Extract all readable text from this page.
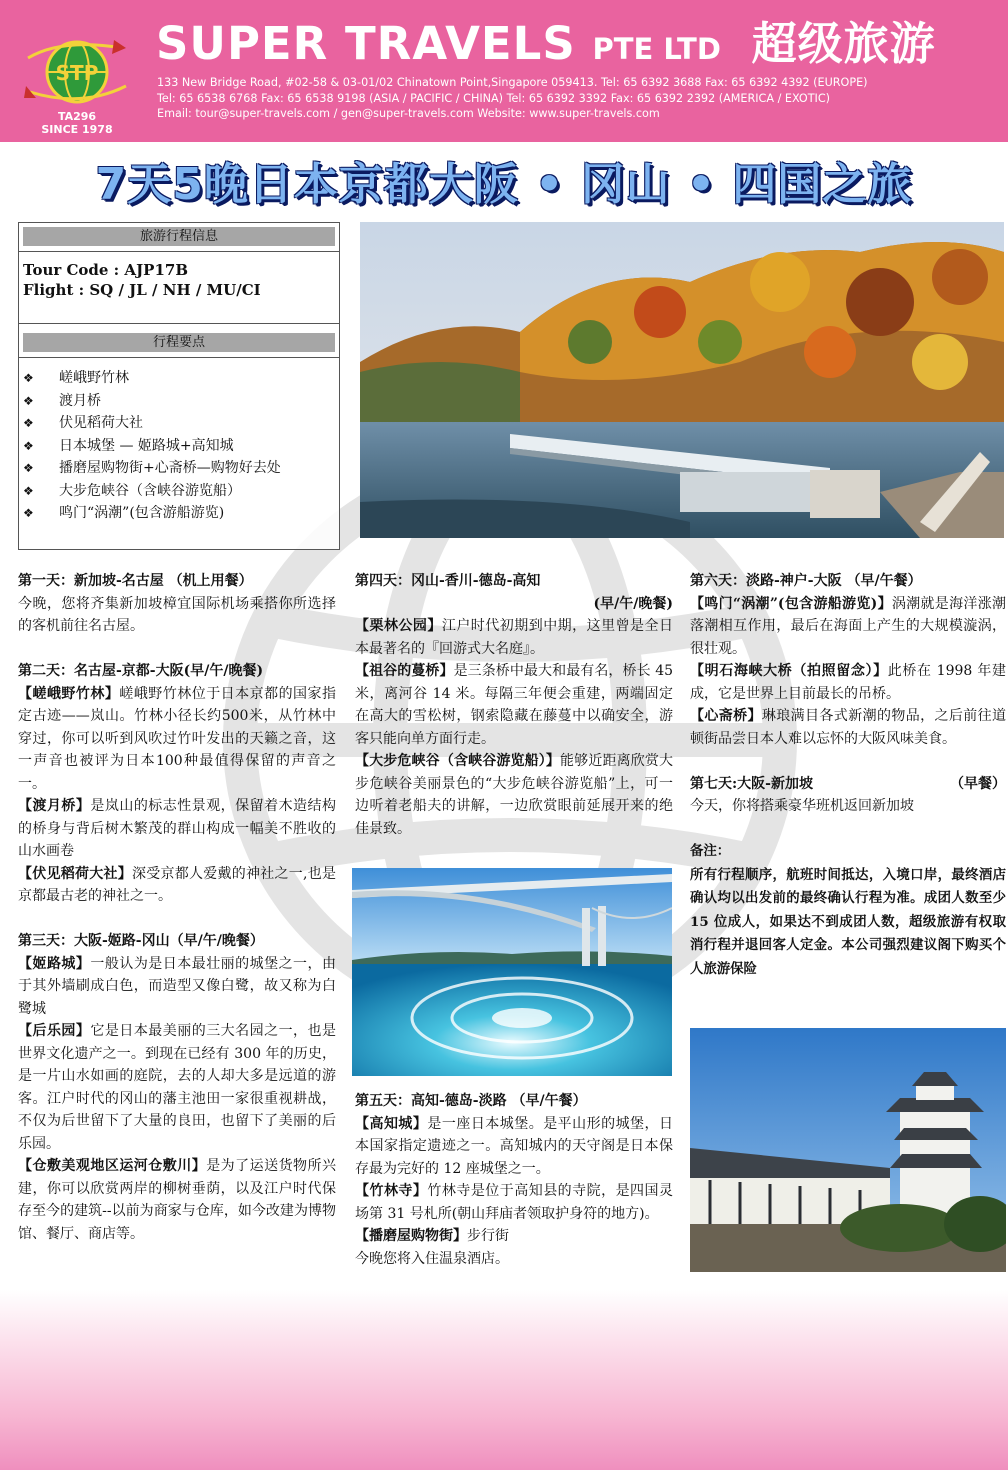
STP
TA296
SINCE 1978
SUPER TRAVELS PTE LTD 超级旅游
133 New Bridge Road, #02-58 & 03-01/02 Chinatown Point,Singapore 059413. Tel: 65 6392 3688 Fax: 65 6392 4392 (EUROPE)
Tel: 65 6538 6768 Fax: 65 6538 9198 (ASIA / PACIFIC / CHINA) Tel: 65 6392 3392 Fax: 65 6392 2392 (AMERICA / EXOTIC)
Email: tour@super-travels.com / gen@super-travels.com Website: www.super-travels.com
7天5晚日本京都大阪 • 冈山 • 四国之旅
旅游行程信息
Tour Code : AJP17B
Flight : SQ / JL / NH / MU/CI
行程要点
❖ 嵯峨野竹林
❖ 渡月桥
❖ 伏见稻荷大社
❖ 日本城堡 — 姬路城+高知城
❖ 播磨屋购物街+心斋桥—购物好去处
❖ 大步危峡谷（含峡谷游览船）
❖ 鸣门“涡潮”(包含游船游览)

第一天：新加坡-名古屋 （机上用餐）

今晚，您将齐集新加坡樟宜国际机场乘搭你所选择的客机前往名古屋。

第二天：名古屋-京都-大阪(早/午/晚餐)

【嵯峨野竹林】嵯峨野竹林位于日本京都的国家指定古迹——岚山。竹林小径长约500米，从竹林中穿过，你可以听到风吹过竹叶发出的天籁之音，这一声音也被评为日本100种最值得保留的声音之一。

【渡月桥】是岚山的标志性景观，保留着木造结构的桥身与背后树木繁茂的群山构成一幅美不胜收的山水画卷

【伏见稻荷大社】深受京都人爱戴的神社之一,也是京都最古老的神社之一。

第三天：大阪-姬路-冈山（早/午/晚餐）

【姬路城】一般认为是日本最壮丽的城堡之一，由于其外墙刷成白色，而造型又像白鹭，故又称为白鹭城

【后乐园】它是日本最美丽的三大名园之一，也是世界文化遗产之一。到现在已经有 300 年的历史，是一片山水如画的庭院，去的人却大多是远道的游客。江户时代的冈山的藩主池田一家很重视耕战，不仅为后世留下了大量的良田，也留下了美丽的后乐园。

【仓敷美观地区运河仓敷川】是为了运送货物所兴建，你可以欣赏两岸的柳树垂荫，以及江户时代保存至今的建筑--以前为商家与仓库，如今改建为博物馆、餐厅、商店等。

第四天：冈山-香川-德岛-高知

(早/午/晚餐)

【栗林公园】江户时代初期到中期，这里曾是全日本最著名的『回游式大名庭』。

【祖谷的蔓桥】是三条桥中最大和最有名，桥长 45 米，离河谷 14 米。每隔三年便会重建，两端固定在高大的雪松树，钢索隐藏在藤蔓中以确安全，游客只能向单方面行走。

【大步危峡谷（含峡谷游览船）】能够近距离欣赏大步危峡谷美丽景色的“大步危峡谷游览船”上，可一边听着老船夫的讲解，一边欣赏眼前延展开来的绝佳景致。

第五天：高知-德岛-淡路 （早/午餐）

【高知城】是一座日本城堡。是平山形的城堡，日本国家指定遗迹之一。高知城内的天守阁是日本保存最为完好的 12 座城堡之一。

【竹林寺】竹林寺是位于高知县的寺院，是四国灵场第 31 号札所(朝山拜庙者领取护身符的地方)。

【播磨屋购物街】步行街

今晚您将入住温泉酒店。

第六天：淡路-神户-大阪 （早/午餐）

【鸣门“涡潮”(包含游船游览)】涡潮就是海洋涨潮落潮相互作用，最后在海面上产生的大规模漩涡，很壮观。

【明石海峡大桥（拍照留念）】此桥在 1998 年建成，它是世界上目前最长的吊桥。

【心斋桥】琳琅满目各式新潮的物品，之后前往道顿街品尝日本人难以忘怀的大阪风味美食。

第七天:大阪-新加坡	（早餐）

今天，你将搭乘豪华班机返回新加坡

备注：

所有行程顺序，航班时间抵达，入境口岸，最终酒店确认均以出发前的最终确认行程为准。成团人数至少 15 位成人，如果达不到成团人数，超级旅游有权取消行程并退回客人定金。本公司强烈建议阁下购买个人旅游保险
